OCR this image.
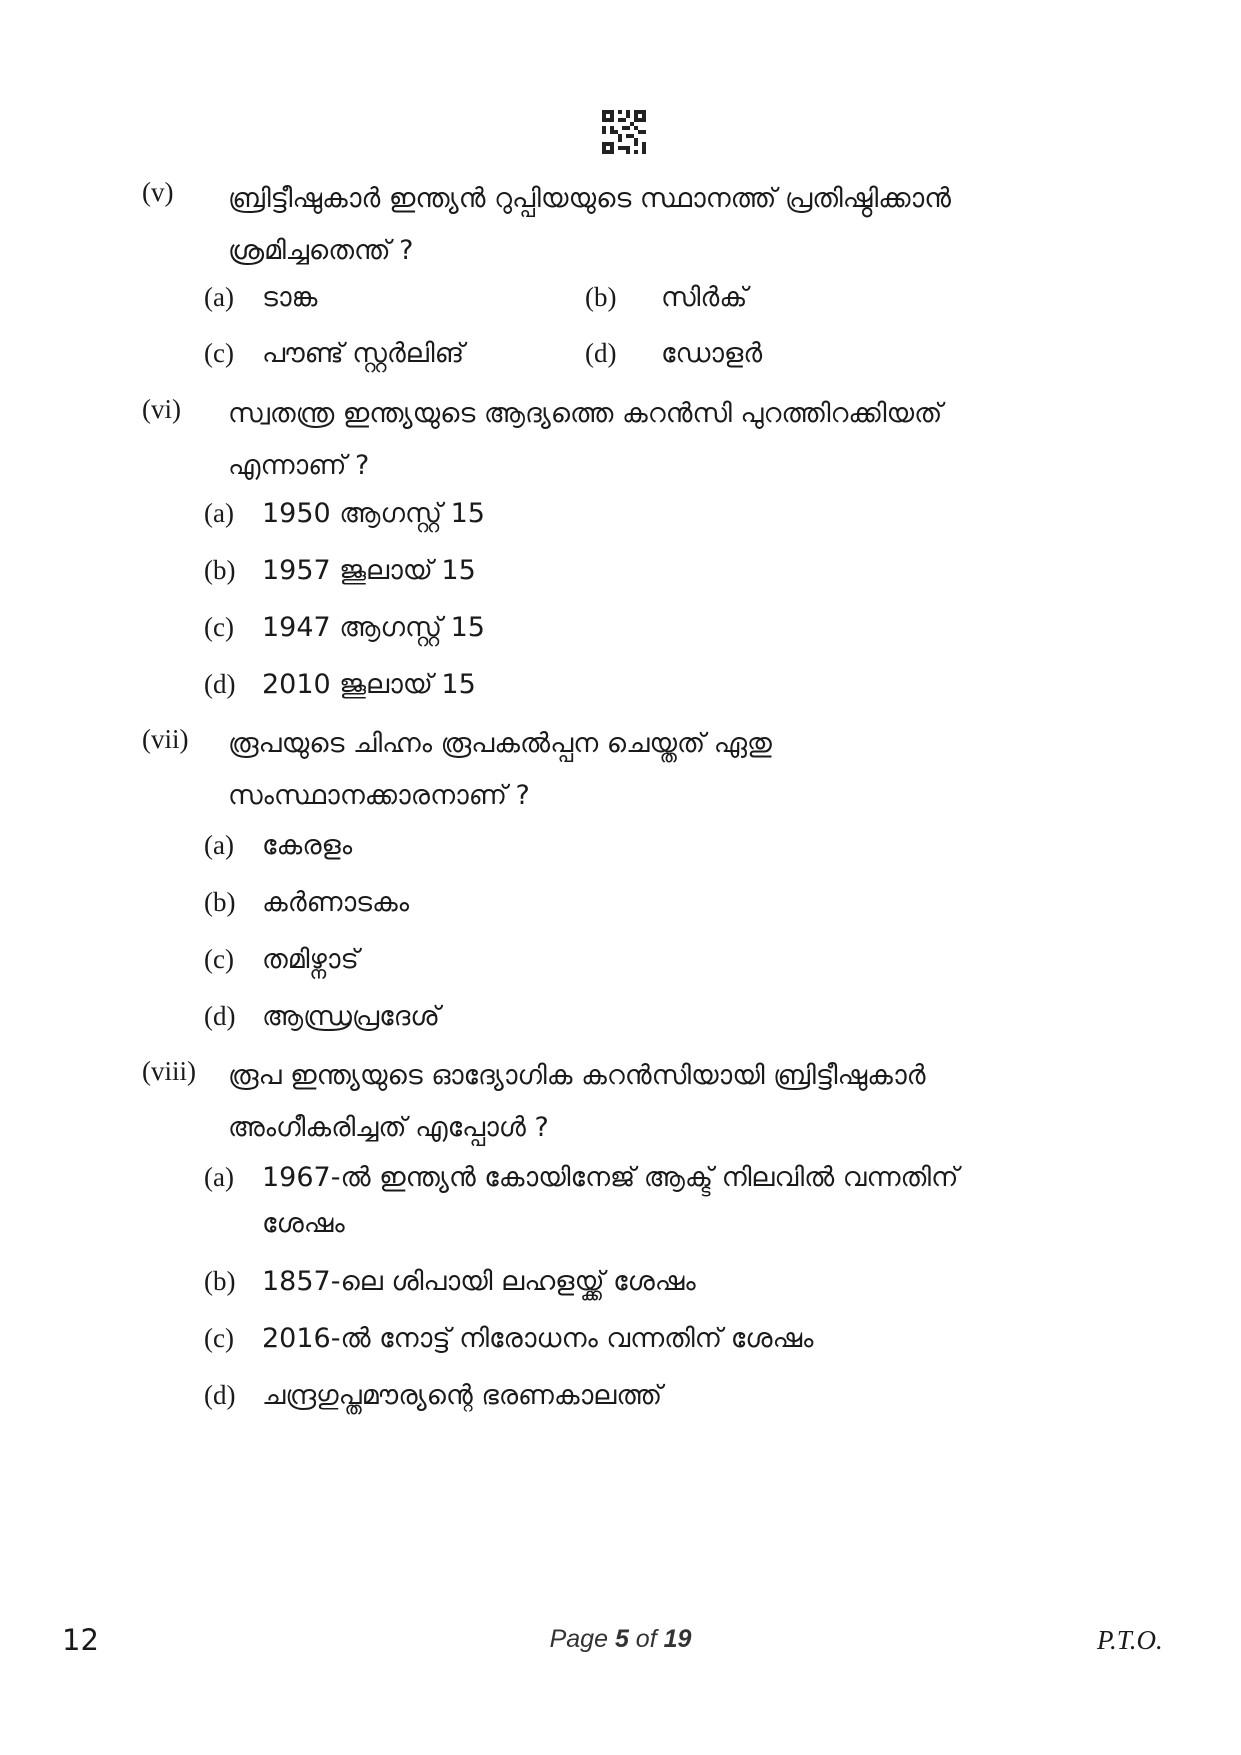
(v) ബ്രിട്ടീഷുകാർ ഇന്ത്യൻ റുപ്പിയയുടെ സ്ഥാനത്ത് പ്രതിഷ്ഠിക്കാൻ
ശ്രമിച്ചതെന്ത് ?
(a) ടാങ്ക	(b) സിർക്
(c) പൗണ്ട് സ്റ്റർലിങ്	(d) ഡോളർ
(vi) സ്വതന്ത്ര ഇന്ത്യയുടെ ആദ്യത്തെ കറൻസി പുറത്തിറക്കിയത്
എന്നാണ് ?
(a) 1950 ആഗസ്റ്റ് 15
(b) 1957 ജൂലായ് 15
(c) 1947 ആഗസ്റ്റ് 15
(d) 2010 ജൂലായ് 15
(vii) രൂപയുടെ ചിഹ്നം രൂപകൽപ്പന ചെയ്തത് ഏതു
സംസ്ഥാനക്കാരനാണ് ?
(a) കേരളം
(b) കർണാടകം
(c) തമിഴ്നാട്
(d) ആന്ധ്രപ്രദേശ്
(viii) രൂപ ഇന്ത്യയുടെ ഓദ്യോഗിക കറൻസിയായി ബ്രിട്ടീഷുകാർ
അംഗീകരിച്ചത് എപ്പോൾ ?
(a) 1967-ൽ ഇന്ത്യൻ കോയിനേജ് ആക്ട് നിലവിൽ വന്നതിന്
ശേഷം
(b) 1857-ലെ ശിപായി ലഹളയ്ക്ക് ശേഷം
(c) 2016-ൽ നോട്ട് നിരോധനം വന്നതിന് ശേഷം
(d) ചന്ദ്രഗുപ്തമൗര്യന്റെ ഭരണകാലത്ത്
12	Page 5 of 19	P.T.O.
